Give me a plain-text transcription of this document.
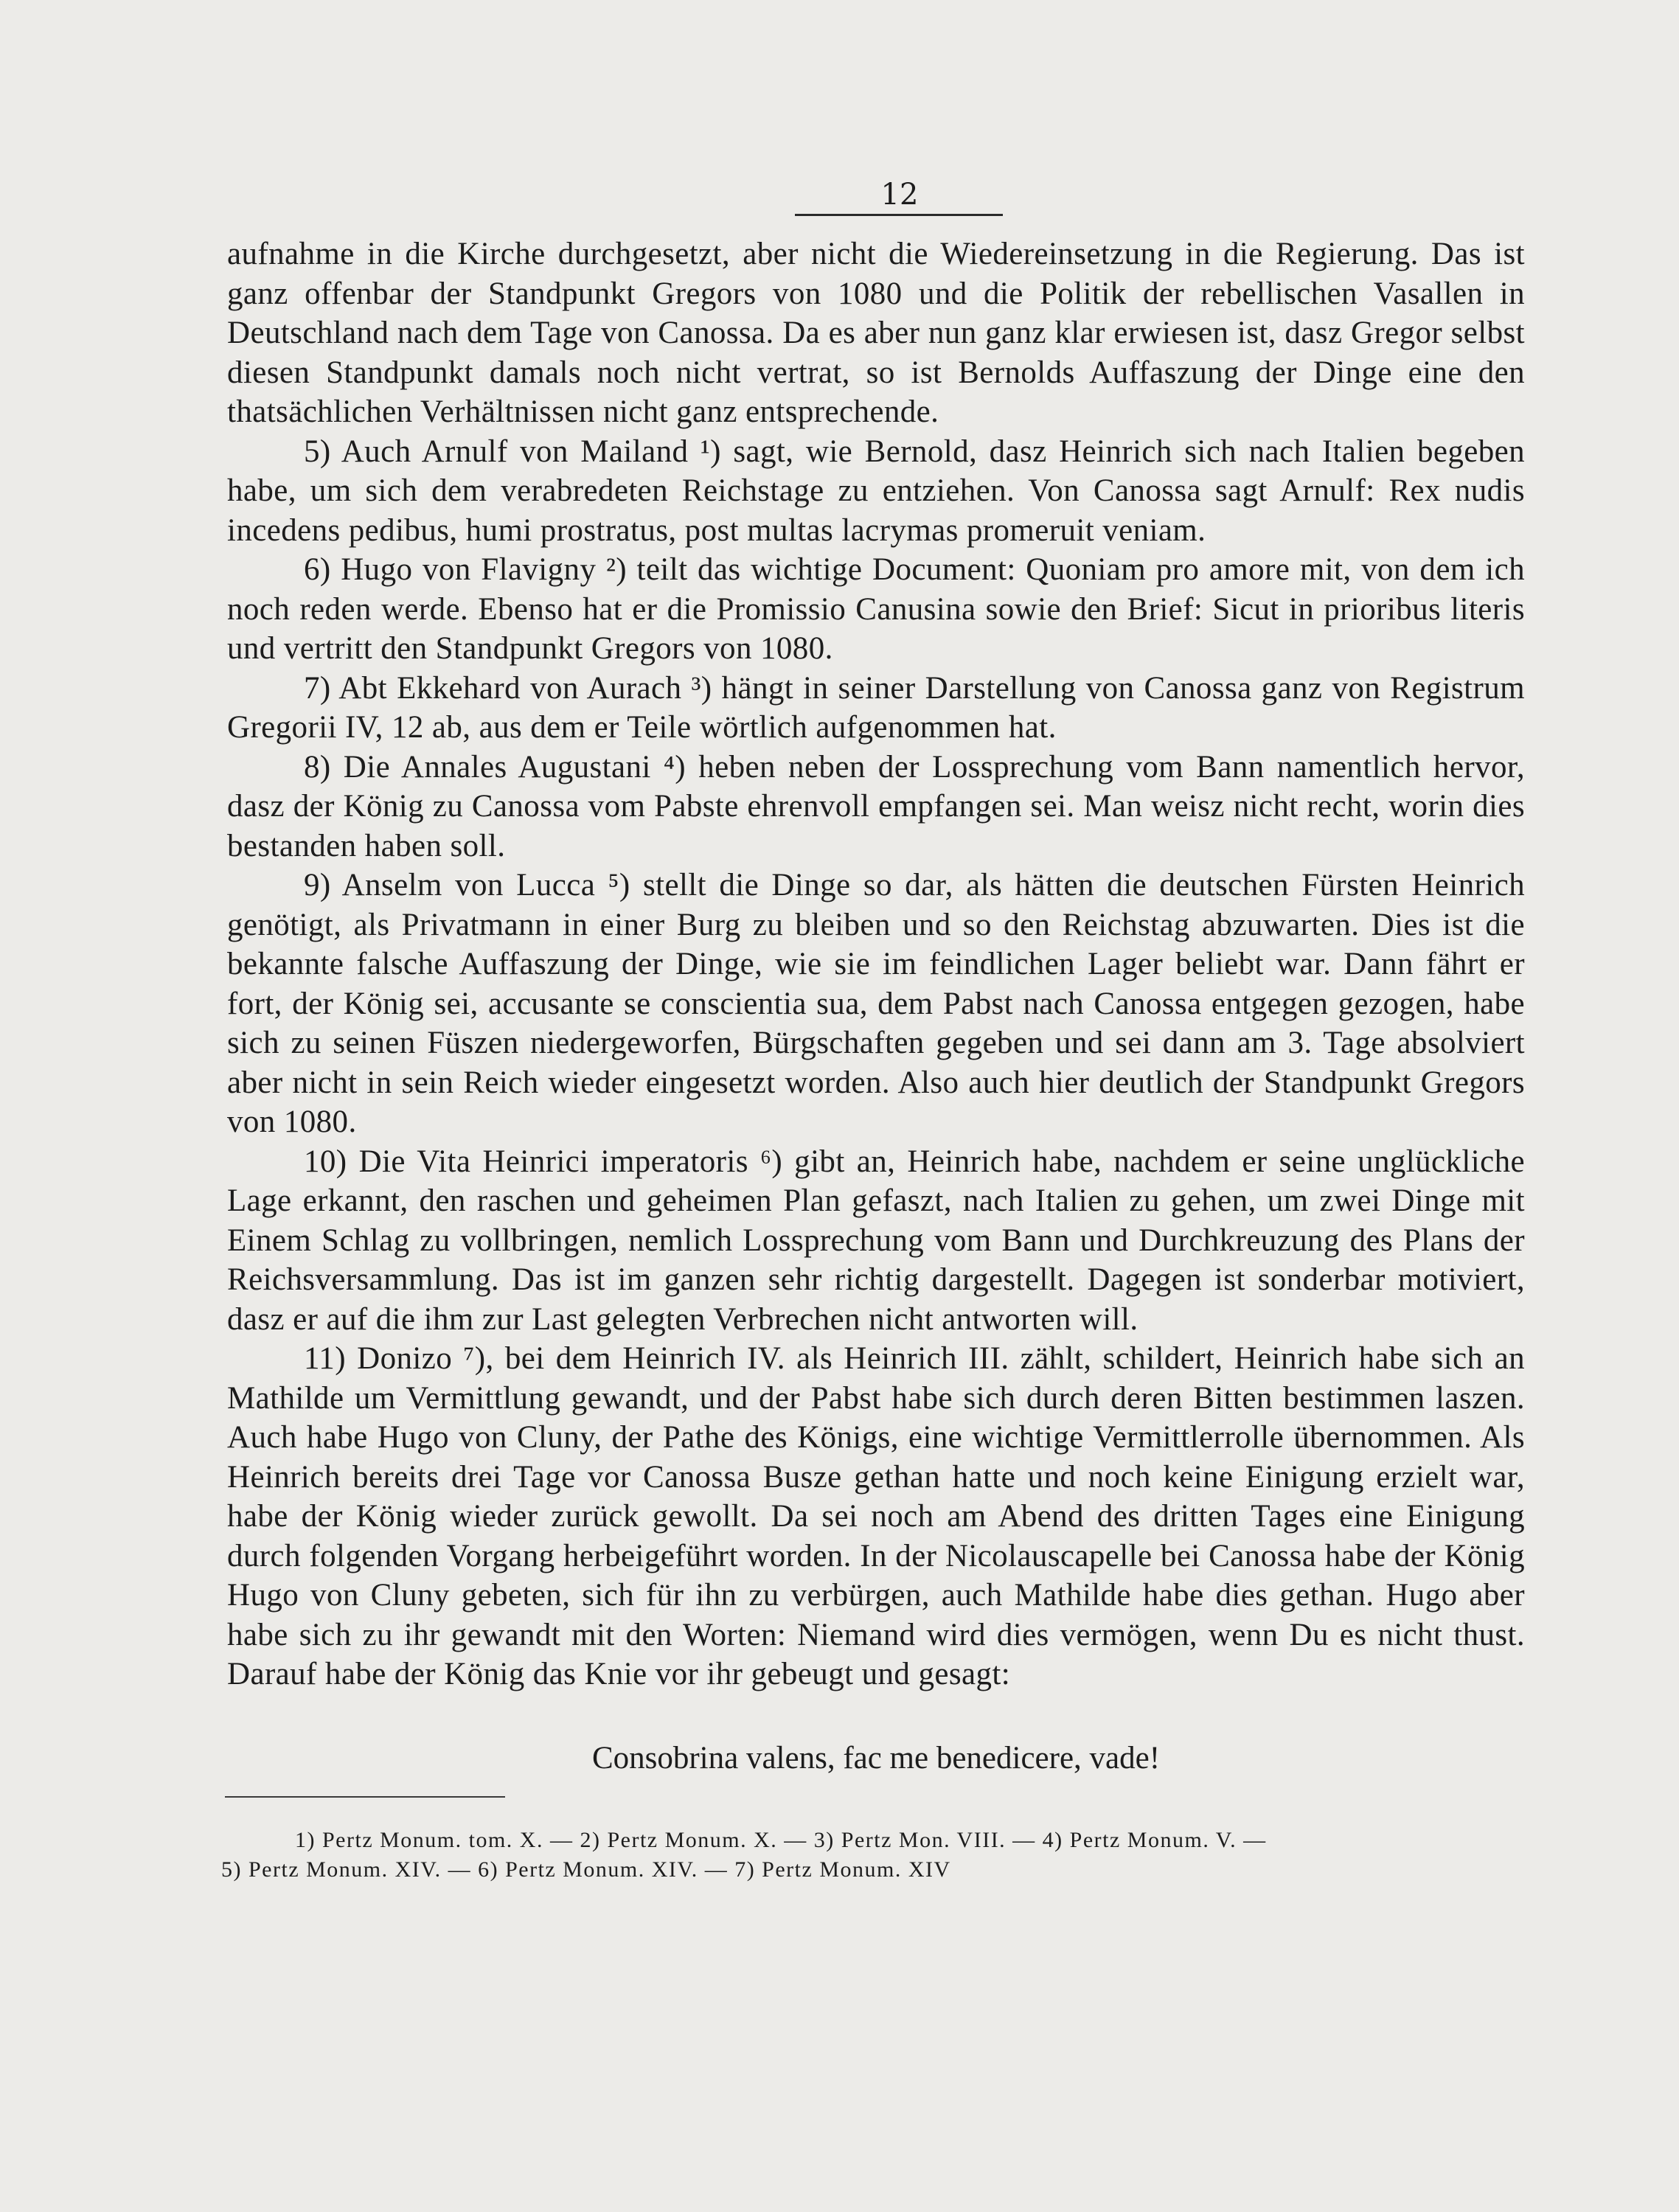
12

aufnahme in die Kirche durchgesetzt, aber nicht die Wiedereinsetzung in die Regierung. Das ist ganz offenbar der Standpunkt Gregors von 1080 und die Politik der rebellischen Vasallen in Deutschland nach dem Tage von Canossa. Da es aber nun ganz klar erwiesen ist, dasz Gregor selbst diesen Standpunkt damals noch nicht vertrat, so ist Bernolds Auffaszung der Dinge eine den thatsächlichen Verhältnissen nicht ganz entsprechende.

5) Auch Arnulf von Mailand ¹) sagt, wie Bernold, dasz Heinrich sich nach Italien begeben habe, um sich dem verabredeten Reichstage zu entziehen. Von Canossa sagt Arnulf: Rex nudis incedens pedibus, humi prostratus, post multas lacrymas promeruit veniam.

6) Hugo von Flavigny ²) teilt das wichtige Document: Quoniam pro amore mit, von dem ich noch reden werde. Ebenso hat er die Promissio Canusina sowie den Brief: Sicut in prioribus literis und vertritt den Standpunkt Gregors von 1080.

7) Abt Ekkehard von Aurach ³) hängt in seiner Darstellung von Canossa ganz von Registrum Gregorii IV, 12 ab, aus dem er Teile wörtlich aufgenommen hat.

8) Die Annales Augustani ⁴) heben neben der Lossprechung vom Bann namentlich hervor, dasz der König zu Canossa vom Pabste ehrenvoll empfangen sei. Man weisz nicht recht, worin dies bestanden haben soll.

9) Anselm von Lucca ⁵) stellt die Dinge so dar, als hätten die deutschen Fürsten Heinrich genötigt, als Privatmann in einer Burg zu bleiben und so den Reichstag abzuwarten. Dies ist die bekannte falsche Auffaszung der Dinge, wie sie im feindlichen Lager beliebt war. Dann fährt er fort, der König sei, accusante se conscientia sua, dem Pabst nach Canossa entgegen gezogen, habe sich zu seinen Füszen niedergeworfen, Bürgschaften gegeben und sei dann am 3. Tage absolviert aber nicht in sein Reich wieder eingesetzt worden. Also auch hier deutlich der Standpunkt Gregors von 1080.

10) Die Vita Heinrici imperatoris ⁶) gibt an, Heinrich habe, nachdem er seine unglückliche Lage erkannt, den raschen und geheimen Plan gefaszt, nach Italien zu gehen, um zwei Dinge mit Einem Schlag zu vollbringen, nemlich Lossprechung vom Bann und Durchkreuzung des Plans der Reichsversammlung. Das ist im ganzen sehr richtig dargestellt. Dagegen ist sonderbar motiviert, dasz er auf die ihm zur Last gelegten Verbrechen nicht antworten will.

11) Donizo ⁷), bei dem Heinrich IV. als Heinrich III. zählt, schildert, Heinrich habe sich an Mathilde um Vermittlung gewandt, und der Pabst habe sich durch deren Bitten bestimmen laszen. Auch habe Hugo von Cluny, der Pathe des Königs, eine wichtige Vermittlerrolle übernommen. Als Heinrich bereits drei Tage vor Canossa Busze gethan hatte und noch keine Einigung erzielt war, habe der König wieder zurück gewollt. Da sei noch am Abend des dritten Tages eine Einigung durch folgenden Vorgang herbeigeführt worden. In der Nicolauscapelle bei Canossa habe der König Hugo von Cluny gebeten, sich für ihn zu verbürgen, auch Mathilde habe dies gethan. Hugo aber habe sich zu ihr gewandt mit den Worten: Niemand wird dies vermögen, wenn Du es nicht thust. Darauf habe der König das Knie vor ihr gebeugt und gesagt:

Consobrina valens, fac me benedicere, vade!
1) Pertz Monum. tom. X. — 2) Pertz Monum. X. — 3) Pertz Mon. VIII. — 4) Pertz Monum. V. —
5) Pertz Monum. XIV. — 6) Pertz Monum. XIV. — 7) Pertz Monum. XIV
